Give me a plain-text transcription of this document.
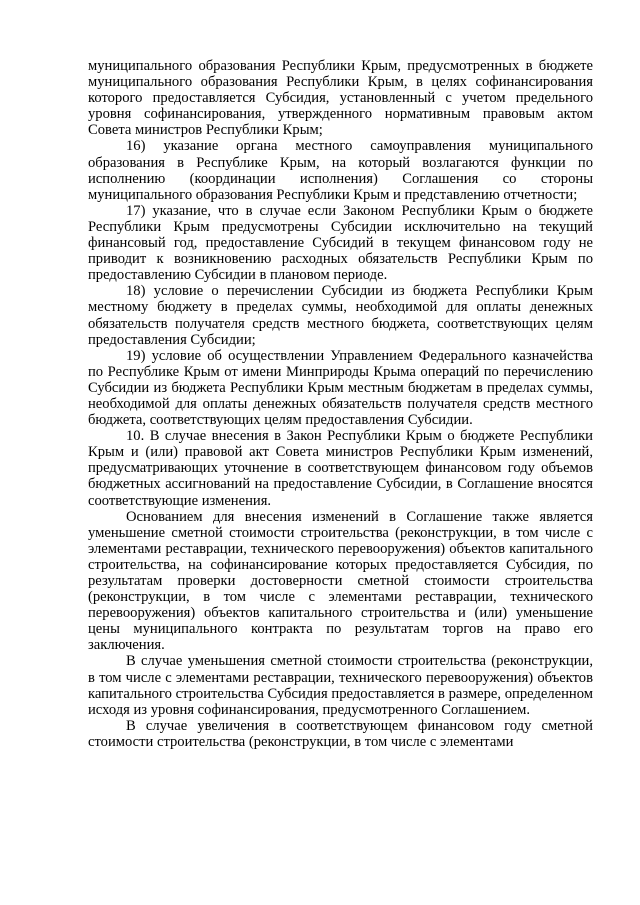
муниципального образования Республики Крым, предусмотренных в бюджете муниципального образования Республики Крым, в целях софинансирования которого предоставляется Субсидия, установленный с учетом предельного уровня софинансирования, утвержденного нормативным правовым актом Совета министров Республики Крым;

16) указание органа местного самоуправления муниципального образования в Республике Крым, на который возлагаются функции по исполнению (координации исполнения) Соглашения со стороны муниципального образования Республики Крым и представлению отчетности;

17) указание, что в случае если Законом Республики Крым о бюджете Республики Крым предусмотрены Субсидии исключительно на текущий финансовый год, предоставление Субсидий в текущем финансовом году не приводит к возникновению расходных обязательств Республики Крым по предоставлению Субсидии в плановом периоде.

18) условие о перечислении Субсидии из бюджета Республики Крым местному бюджету в пределах суммы, необходимой для оплаты денежных обязательств получателя средств местного бюджета, соответствующих целям предоставления Субсидии;

19) условие об осуществлении Управлением Федерального казначейства по Республике Крым от имени Минприроды Крыма операций по перечислению Субсидии из бюджета Республики Крым местным бюджетам в пределах суммы, необходимой для оплаты денежных обязательств получателя средств местного бюджета, соответствующих целям предоставления Субсидии.

10. В случае внесения в Закон Республики Крым о бюджете Республики Крым и (или) правовой акт Совета министров Республики Крым изменений, предусматривающих уточнение в соответствующем финансовом году объемов бюджетных ассигнований на предоставление Субсидии, в Соглашение вносятся соответствующие изменения.

Основанием для внесения изменений в Соглашение также является уменьшение сметной стоимости строительства (реконструкции, в том числе с элементами реставрации, технического перевооружения) объектов капитального строительства, на софинансирование которых предоставляется Субсидия, по результатам проверки достоверности сметной стоимости строительства (реконструкции, в том числе с элементами реставрации, технического перевооружения) объектов капитального строительства и (или) уменьшение цены муниципального контракта по результатам торгов на право его заключения.

В случае уменьшения сметной стоимости строительства (реконструкции, в том числе с элементами реставрации, технического перевооружения) объектов капитального строительства Субсидия предоставляется в размере, определенном исходя из уровня софинансирования, предусмотренного Соглашением.

В случае увеличения в соответствующем финансовом году сметной стоимости строительства (реконструкции, в том числе с элементами
